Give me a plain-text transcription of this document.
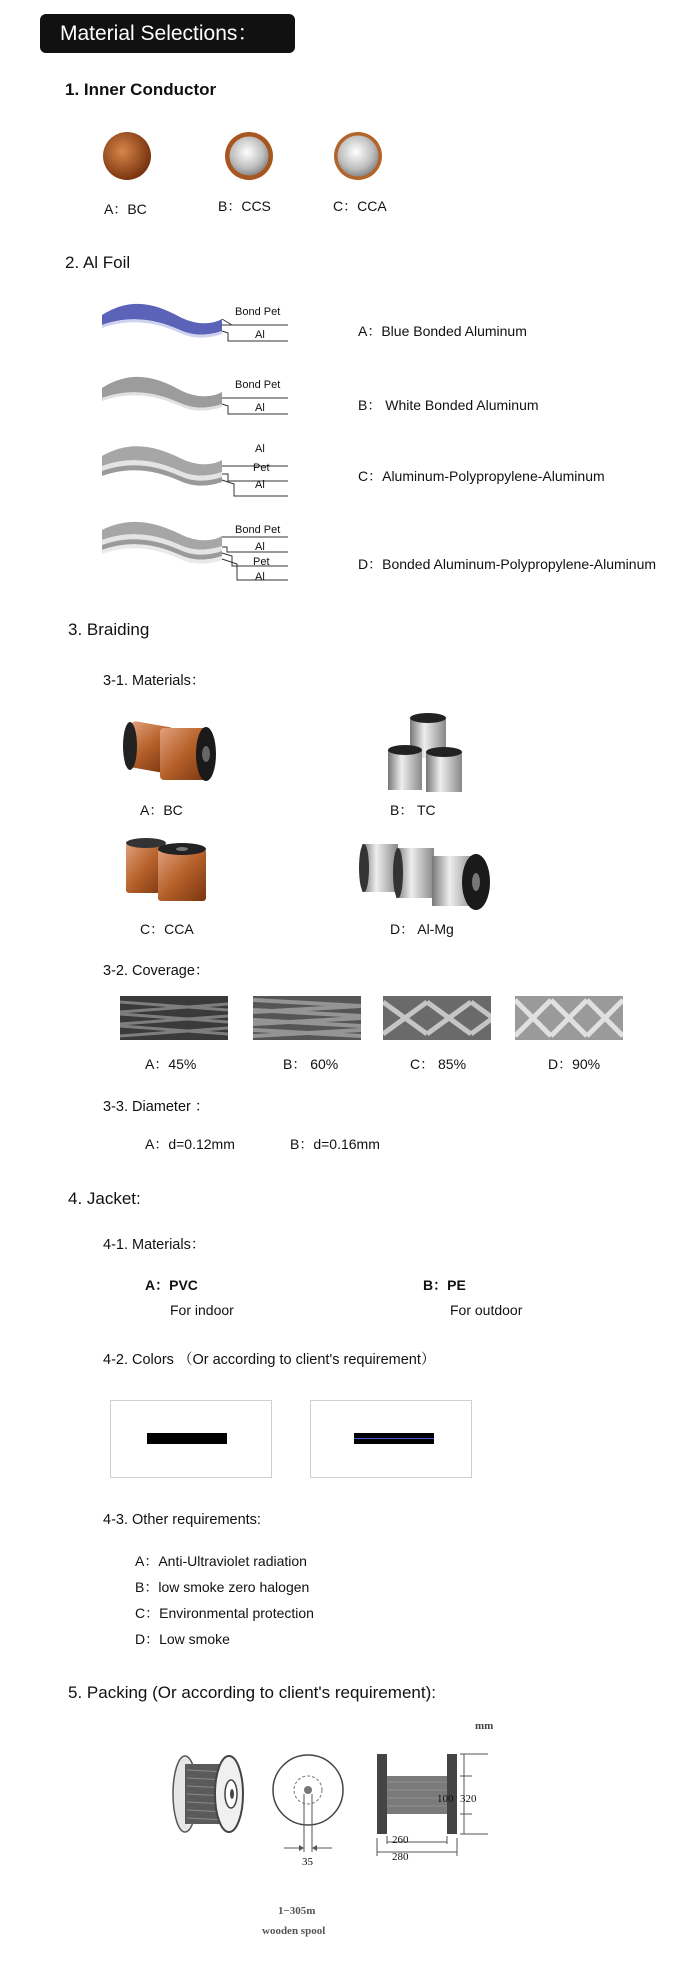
Material Selections：
1. Inner Conductor
A：BC	B：CCS	C：CCA
2. Al Foil
Bond Pet
Al	A：Blue Bonded Aluminum
Bond Pet
Al	B： White Bonded Aluminum
Al
Pet
Al
C：Aluminum-Polypropylene-Aluminum
Bond Pet
Al
Pet
Al
D：Bonded Aluminum-Polypropylene-Aluminum
3. Braiding
3-1. Materials：
A：BC	B： TC
C：CCA	D： Al-Mg
3-2. Coverage：
A：45%	B： 60%	C： 85%	D：90%
3-3. Diameter ：
A：d=0.12mm	B：d=0.16mm
4. Jacket:
4-1. Materials：
A：PVC
For indoor
B：PE
For outdoor
4-2. Colors （Or according to client's requirement）
4-3. Other requirements:
A：Anti-Ultraviolet radiation
B：low smoke zero halogen
C：Environmental protection
D：Low smoke
5. Packing (Or according to client's requirement):
mm
35
100 320
260
280
1−305m
wooden spool
